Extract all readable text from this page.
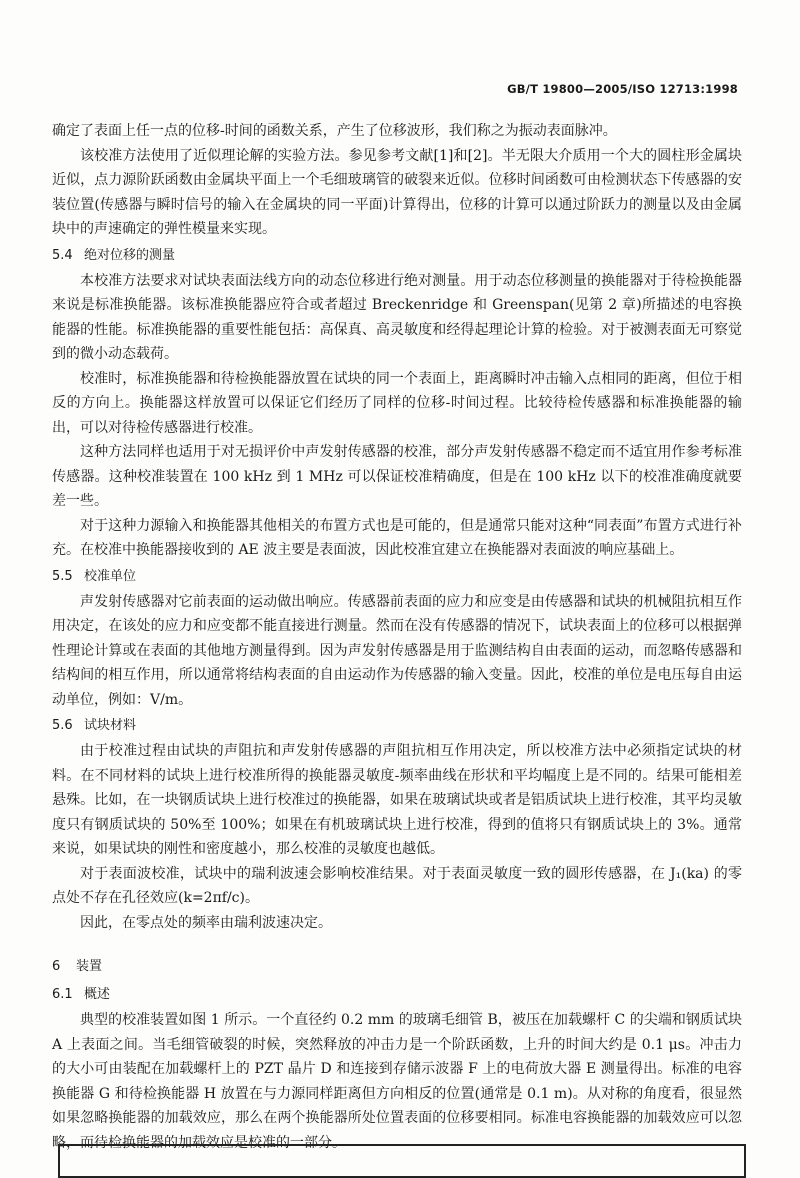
GB/T 19800—2005/ISO 12713:1998

确定了表面上任一点的位移-时间的函数关系，产生了位移波形，我们称之为振动表面脉冲。

该校准方法使用了近似理论解的实验方法。参见参考文献[1]和[2]。半无限大介质用一个大的圆柱形金属块近似，点力源阶跃函数由金属块平面上一个毛细玻璃管的破裂来近似。位移时间函数可由检测状态下传感器的安装位置(传感器与瞬时信号的输入在金属块的同一平面)计算得出，位移的计算可以通过阶跃力的测量以及由金属块中的声速确定的弹性模量来实现。

5.4 绝对位移的测量

本校准方法要求对试块表面法线方向的动态位移进行绝对测量。用于动态位移测量的换能器对于待检换能器来说是标准换能器。该标准换能器应符合或者超过 Breckenridge 和 Greenspan(见第 2 章)所描述的电容换能器的性能。标准换能器的重要性能包括：高保真、高灵敏度和经得起理论计算的检验。对于被测表面无可察觉到的微小动态载荷。

校准时，标准换能器和待检换能器放置在试块的同一个表面上，距离瞬时冲击输入点相同的距离，但位于相反的方向上。换能器这样放置可以保证它们经历了同样的位移-时间过程。比较待检传感器和标准换能器的输出，可以对待检传感器进行校准。

这种方法同样也适用于对无损评价中声发射传感器的校准，部分声发射传感器不稳定而不适宜用作参考标准传感器。这种校准装置在 100 kHz 到 1 MHz 可以保证校准精确度，但是在 100 kHz 以下的校准准确度就要差一些。

对于这种力源输入和换能器其他相关的布置方式也是可能的，但是通常只能对这种“同表面”布置方式进行补充。在校准中换能器接收到的 AE 波主要是表面波，因此校准宜建立在换能器对表面波的响应基础上。

5.5 校准单位

声发射传感器对它前表面的运动做出响应。传感器前表面的应力和应变是由传感器和试块的机械阻抗相互作用决定，在该处的应力和应变都不能直接进行测量。然而在没有传感器的情况下，试块表面上的位移可以根据弹性理论计算或在表面的其他地方测量得到。因为声发射传感器是用于监测结构自由表面的运动，而忽略传感器和结构间的相互作用，所以通常将结构表面的自由运动作为传感器的输入变量。因此，校准的单位是电压每自由运动单位，例如：V/m。

5.6 试块材料

由于校准过程由试块的声阻抗和声发射传感器的声阻抗相互作用决定，所以校准方法中必须指定试块的材料。在不同材料的试块上进行校准所得的换能器灵敏度-频率曲线在形状和平均幅度上是不同的。结果可能相差悬殊。比如，在一块钢质试块上进行校准过的换能器，如果在玻璃试块或者是铝质试块上进行校准，其平均灵敏度只有钢质试块的 50%至 100%；如果在有机玻璃试块上进行校准，得到的值将只有钢质试块上的 3%。通常来说，如果试块的刚性和密度越小，那么校准的灵敏度也越低。

对于表面波校准，试块中的瑞利波速会影响校准结果。对于表面灵敏度一致的圆形传感器，在 J₁(ka) 的零点处不存在孔径效应(k=2πf/c)。

因此，在零点处的频率由瑞利波速决定。

6 装置
6.1 概述

典型的校准装置如图 1 所示。一个直径约 0.2 mm 的玻璃毛细管 B，被压在加载螺杆 C 的尖端和钢质试块 A 上表面之间。当毛细管破裂的时候，突然释放的冲击力是一个阶跃函数，上升的时间大约是 0.1 μs。冲击力的大小可由装配在加载螺杆上的 PZT 晶片 D 和连接到存储示波器 F 上的电荷放大器 E 测量得出。标准的电容换能器 G 和待检换能器 H 放置在与力源同样距离但方向相反的位置(通常是 0.1 m)。从对称的角度看，很显然如果忽略换能器的加载效应，那么在两个换能器所处位置表面的位移要相同。标准电容换能器的加载效应可以忽略，而待检换能器的加载效应是校准的一部分。
